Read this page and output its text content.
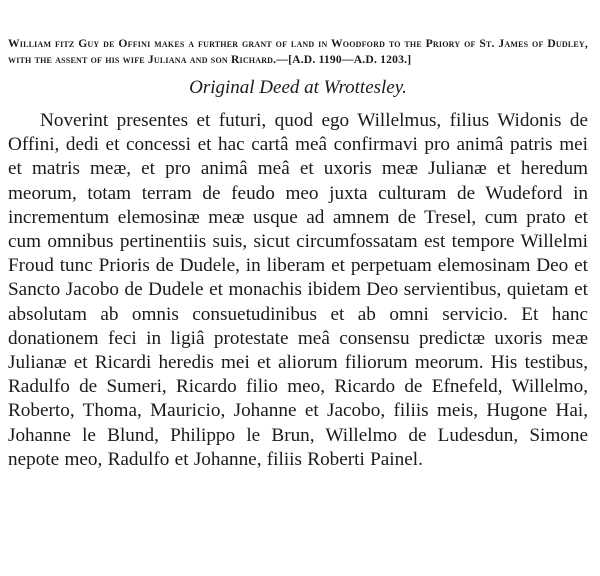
William fitz Guy de Offini makes a further grant of land in Woodford to the Priory of St. James of Dudley, with the assent of his wife Juliana and son Richard.—[A.D. 1190—A.D. 1203.]

Original Deed at Wrottesley.

Noverint presentes et futuri, quod ego Willelmus, filius Widonis de Offini, dedi et concessi et hac cartâ meâ confirmavi pro animâ patris mei et matris meæ, et pro animâ meâ et uxoris meæ Julianæ et heredum meorum, totam terram de feudo meo juxta culturam de Wudeford in incrementum elemosinæ meæ usque ad amnem de Tresel, cum prato et cum omnibus pertinentiis suis, sicut circumfossatam est tempore Willelmi Froud tunc Prioris de Dudele, in liberam et perpetuam elemosinam Deo et Sancto Jacobo de Dudele et monachis ibidem Deo servientibus, quietam et absolutam ab omnis consuetudinibus et ab omni servicio. Et hanc donationem feci in ligiâ protestate meâ consensu predictæ uxoris meæ Julianæ et Ricardi heredis mei et aliorum filiorum meorum. His testibus, Radulfo de Sumeri, Ricardo filio meo, Ricardo de Efnefeld, Willelmo, Roberto, Thoma, Mauricio, Johanne et Jacobo, filiis meis, Hugone Hai, Johanne le Blund, Philippo le Brun, Willelmo de Ludesdun, Simone nepote meo, Radulfo et Johanne, filiis Roberti Painel.
